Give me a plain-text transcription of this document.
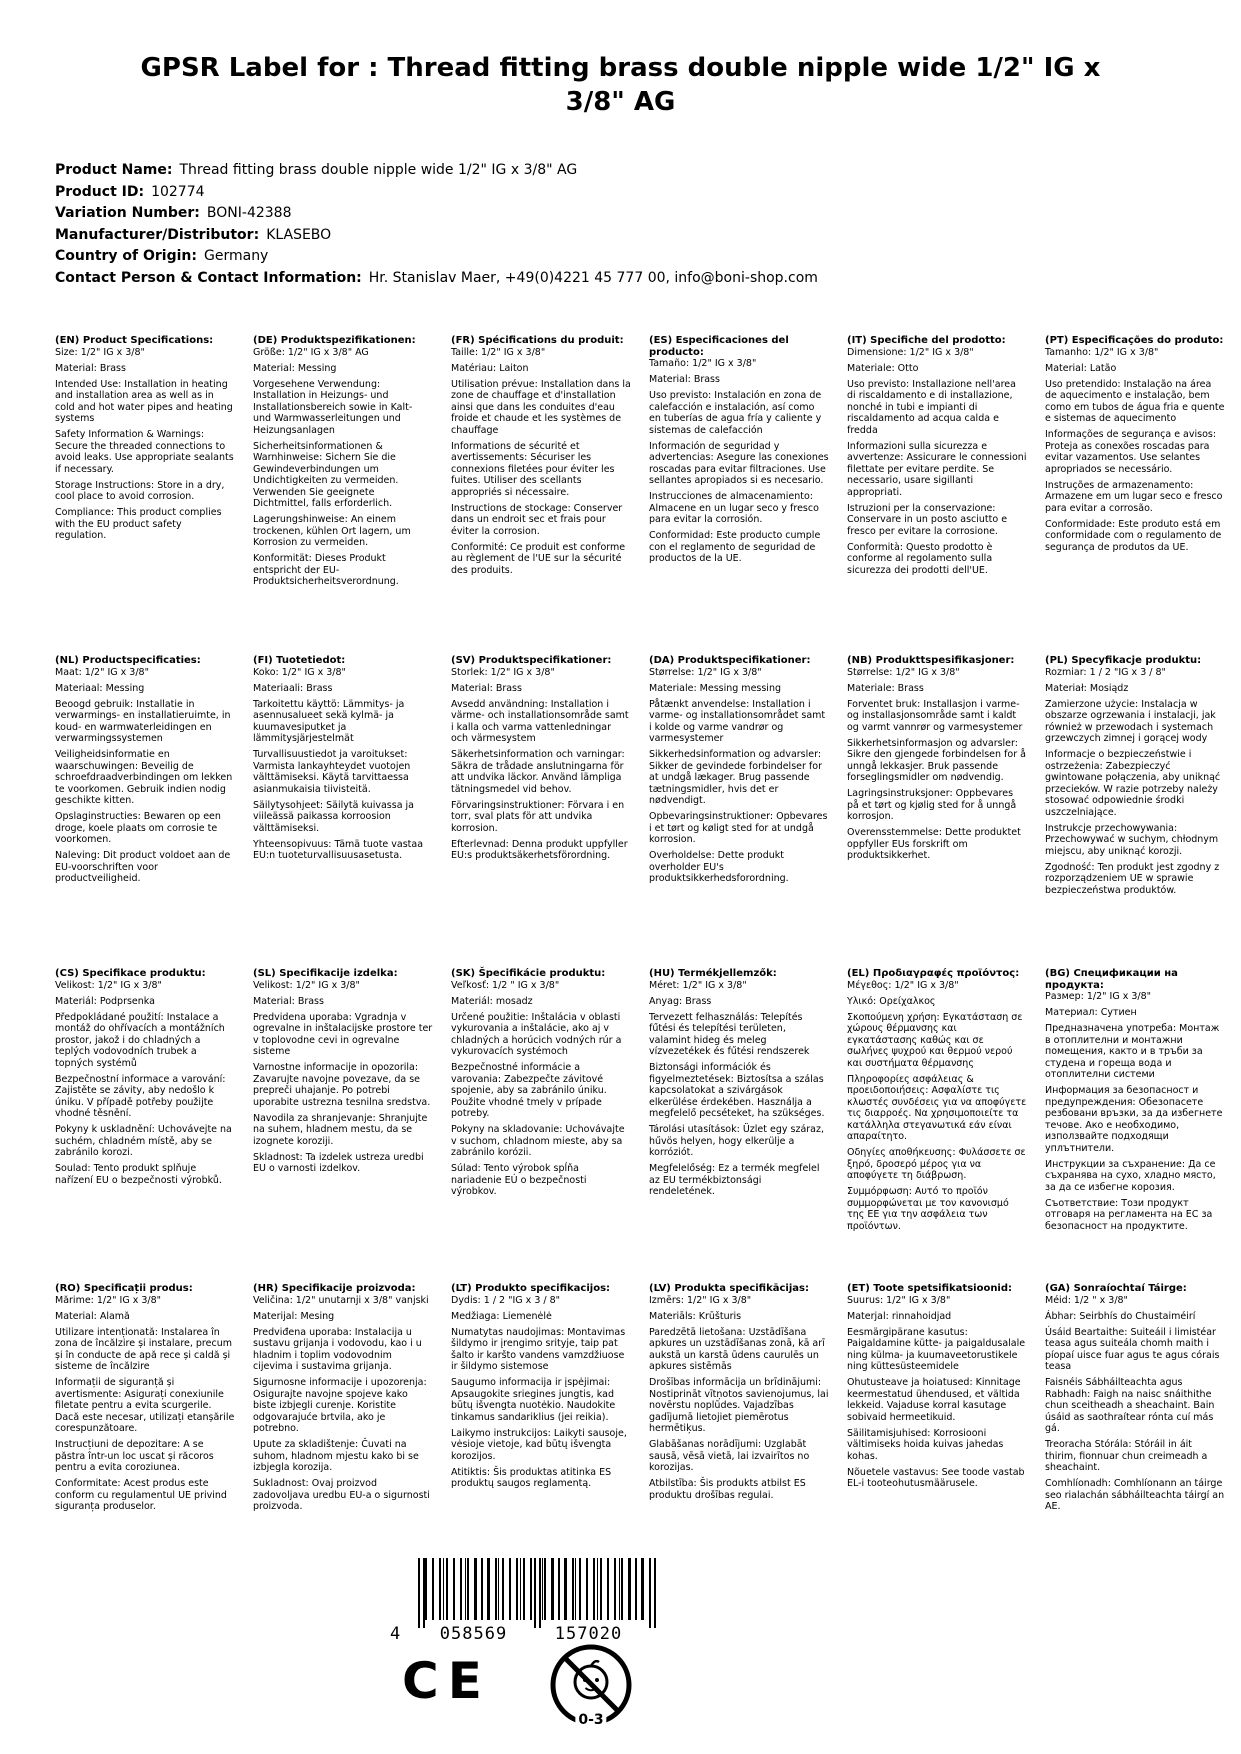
GPSR Label for : Thread fitting brass double nipple wide 1/2" IG x 3/8" AG
Product Name: Thread fitting brass double nipple wide 1/2" IG x 3/8" AG
Product ID: 102774
Variation Number: BONI-42388
Manufacturer/Distributor: KLASEBO
Country of Origin: Germany
Contact Person & Contact Information: Hr. Stanislav Maer, +49(0)4221 45 777 00, info@boni-shop.com
(EN) Product Specifications:

Size: 1/2" IG x 3/8"

Material: Brass

Intended Use: Installation in heating and installation area as well as in cold and hot water pipes and heating systems

Safety Information & Warnings: Secure the threaded connections to avoid leaks. Use appropriate sealants if necessary.

Storage Instructions: Store in a dry, cool place to avoid corrosion.

Compliance: This product complies with the EU product safety regulation.

(DE) Produktspezifikationen:

Größe: 1/2" IG x 3/8" AG

Material: Messing

Vorgesehene Verwendung: Installation in Heizungs- und Installationsbereich sowie in Kalt- und Warmwasserleitungen und Heizungsanlagen

Sicherheitsinformationen & Warnhinweise: Sichern Sie die Gewindeverbindungen um Undichtigkeiten zu vermeiden. Verwenden Sie geeignete Dichtmittel, falls erforderlich.

Lagerungshinweise: An einem trockenen, kühlen Ort lagern, um Korrosion zu vermeiden.

Konformität: Dieses Produkt entspricht der EU-Produktsicherheitsverordnung.

(FR) Spécifications du produit:

Taille: 1/2" IG x 3/8"

Matériau: Laiton

Utilisation prévue: Installation dans la zone de chauffage et d'installation ainsi que dans les conduites d'eau froide et chaude et les systèmes de chauffage

Informations de sécurité et avertissements: Sécuriser les connexions filetées pour éviter les fuites. Utiliser des scellants appropriés si nécessaire.

Instructions de stockage: Conserver dans un endroit sec et frais pour éviter la corrosion.

Conformité: Ce produit est conforme au règlement de l'UE sur la sécurité des produits.

(ES) Especificaciones del producto:

Tamaño: 1/2" IG x 3/8"

Material: Brass

Uso previsto: Instalación en zona de calefacción e instalación, así como en tuberías de agua fría y caliente y sistemas de calefacción

Información de seguridad y advertencias: Asegure las conexiones roscadas para evitar filtraciones. Use sellantes apropiados si es necesario.

Instrucciones de almacenamiento: Almacene en un lugar seco y fresco para evitar la corrosión.

Conformidad: Este producto cumple con el reglamento de seguridad de productos de la UE.

(IT) Specifiche del prodotto:

Dimensione: 1/2" IG x 3/8"

Materiale: Otto

Uso previsto: Installazione nell'area di riscaldamento e di installazione, nonché in tubi e impianti di riscaldamento ad acqua calda e fredda

Informazioni sulla sicurezza e avvertenze: Assicurare le connessioni filettate per evitare perdite. Se necessario, usare sigillanti appropriati.

Istruzioni per la conservazione: Conservare in un posto asciutto e fresco per evitare la corrosione.

Conformità: Questo prodotto è conforme al regolamento sulla sicurezza dei prodotti dell'UE.

(PT) Especificações do produto:

Tamanho: 1/2" IG x 3/8"

Material: Latão

Uso pretendido: Instalação na área de aquecimento e instalação, bem como em tubos de água fria e quente e sistemas de aquecimento

Informações de segurança e avisos: Proteja as conexões roscadas para evitar vazamentos. Use selantes apropriados se necessário.

Instruções de armazenamento: Armazene em um lugar seco e fresco para evitar a corrosão.

Conformidade: Este produto está em conformidade com o regulamento de segurança de produtos da UE.

(NL) Productspecificaties:

Maat: 1/2" IG x 3/8"

Materiaal: Messing

Beoogd gebruik: Installatie in verwarmings- en installatieruimte, in koud- en warmwaterleidingen en verwarmingssystemen

Veiligheidsinformatie en waarschuwingen: Beveilig de schroefdraadverbindingen om lekken te voorkomen. Gebruik indien nodig geschikte kitten.

Opslaginstructies: Bewaren op een droge, koele plaats om corrosie te voorkomen.

Naleving: Dit product voldoet aan de EU-voorschriften voor productveiligheid.

(FI) Tuotetiedot:

Koko: 1/2" IG x 3/8"

Materiaali: Brass

Tarkoitettu käyttö: Lämmitys- ja asennusalueet sekä kylmä- ja kuumavesiputket ja lämmitysjärjestelmät

Turvallisuustiedot ja varoitukset: Varmista lankayhteydet vuotojen välttämiseksi. Käytä tarvittaessa asianmukaisia tiivisteitä.

Säilytysohjeet: Säilytä kuivassa ja viileässä paikassa korroosion välttämiseksi.

Yhteensopivuus: Tämä tuote vastaa EU:n tuoteturvallisuusasetusta.

(SV) Produktspecifikationer:

Storlek: 1/2" IG x 3/8"

Material: Brass

Avsedd användning: Installation i värme- och installationsområde samt i kalla och varma vattenledningar och värmesystem

Säkerhetsinformation och varningar: Säkra de trådade anslutningarna för att undvika läckor. Använd lämpliga tätningsmedel vid behov.

Förvaringsinstruktioner: Förvara i en torr, sval plats för att undvika korrosion.

Efterlevnad: Denna produkt uppfyller EU:s produktsäkerhetsförordning.

(DA) Produktspecifikationer:

Størrelse: 1/2" IG x 3/8"

Materiale: Messing messing

Påtænkt anvendelse: Installation i varme- og installationsområdet samt i kolde og varme vandrør og varmesystemer

Sikkerhedsinformation og advarsler: Sikker de gevindede forbindelser for at undgå lækager. Brug passende tætningsmidler, hvis det er nødvendigt.

Opbevaringsinstruktioner: Opbevares i et tørt og køligt sted for at undgå korrosion.

Overholdelse: Dette produkt overholder EU's produktsikkerhedsforordning.

(NB) Produkttspesifikasjoner:

Størrelse: 1/2" IG x 3/8"

Materiale: Brass

Forventet bruk: Installasjon i varme- og installasjonsområde samt i kaldt og varmt vannrør og varmesystemer

Sikkerhetsinformasjon og advarsler: Sikre den gjengede forbindelsen for å unngå lekkasjer. Bruk passende forseglingsmidler om nødvendig.

Lagringsinstruksjoner: Oppbevares på et tørt og kjølig sted for å unngå korrosjon.

Overensstemmelse: Dette produktet oppfyller EUs forskrift om produktsikkerhet.

(PL) Specyfikacje produktu:

Rozmiar: 1 / 2 "IG x 3 / 8"

Materiał: Mosiądz

Zamierzone użycie: Instalacja w obszarze ogrzewania i instalacji, jak również w przewodach i systemach grzewczych zimnej i gorącej wody

Informacje o bezpieczeństwie i ostrzeżenia: Zabezpieczyć gwintowane połączenia, aby uniknąć przecieków. W razie potrzeby należy stosować odpowiednie środki uszczelniające.

Instrukcje przechowywania: Przechowywać w suchym, chłodnym miejscu, aby uniknąć korozji.

Zgodność: Ten produkt jest zgodny z rozporządzeniem UE w sprawie bezpieczeństwa produktów.

(CS) Specifikace produktu:

Velikost: 1/2" IG x 3/8"

Materiál: Podprsenka

Předpokládané použití: Instalace a montáž do ohřívacích a montážních prostor, jakož i do chladných a teplých vodovodních trubek a topných systémů

Bezpečnostní informace a varování: Zajistěte se závity, aby nedošlo k úniku. V případě potřeby použijte vhodné těsnění.

Pokyny k uskladnění: Uchovávejte na suchém, chladném místě, aby se zabránilo korozi.

Soulad: Tento produkt splňuje nařízení EU o bezpečnosti výrobků.

(SL) Specifikacije izdelka:

Velikost: 1/2" IG x 3/8"

Material: Brass

Predvidena uporaba: Vgradnja v ogrevalne in inštalacijske prostore ter v toplovodne cevi in ogrevalne sisteme

Varnostne informacije in opozorila: Zavarujte navojne povezave, da se prepreči uhajanje. Po potrebi uporabite ustrezna tesnilna sredstva.

Navodila za shranjevanje: Shranjujte na suhem, hladnem mestu, da se izognete koroziji.

Skladnost: Ta izdelek ustreza uredbi EU o varnosti izdelkov.

(SK) Špecifikácie produktu:

Veľkosť: 1/2 " IG x 3/8"

Materiál: mosadz

Určené použitie: Inštalácia v oblasti vykurovania a inštalácie, ako aj v chladných a horúcich vodných rúr a vykurovacích systémoch

Bezpečnostné informácie a varovania: Zabezpečte závitové spojenie, aby sa zabránilo úniku. Použite vhodné tmely v prípade potreby.

Pokyny na skladovanie: Uchovávajte v suchom, chladnom mieste, aby sa zabránilo korózii.

Súlad: Tento výrobok spĺňa nariadenie EÚ o bezpečnosti výrobkov.

(HU) Termékjellemzők:

Méret: 1/2" IG x 3/8"

Anyag: Brass

Tervezett felhasználás: Telepítés fűtési és telepítési területen, valamint hideg és meleg vízvezetékek és fűtési rendszerek

Biztonsági információk és figyelmeztetések: Biztosítsa a szálas kapcsolatokat a szivárgások elkerülése érdekében. Használja a megfelelő pecséteket, ha szükséges.

Tárolási utasítások: Üzlet egy száraz, hűvös helyen, hogy elkerülje a korróziót.

Megfelelőség: Ez a termék megfelel az EU termékbiztonsági rendeletének.

(EL) Προδιαγραφές προϊόντος:

Μέγεθος: 1/2" IG x 3/8"

Υλικό: Ορείχαλκος

Σκοπούμενη χρήση: Εγκατάσταση σε χώρους θέρμανσης και εγκατάστασης καθώς και σε σωλήνες ψυχρού και θερμού νερού και συστήματα θέρμανσης

Πληροφορίες ασφάλειας & προειδοποιήσεις: Ασφαλίστε τις κλωστές συνδέσεις για να αποφύγετε τις διαρροές. Να χρησιμοποιείτε τα κατάλληλα στεγανωτικά εάν είναι απαραίτητο.

Οδηγίες αποθήκευσης: Φυλάσσετε σε ξηρό, δροσερό μέρος για να αποφύγετε τη διάβρωση.

Συμμόρφωση: Αυτό το προϊόν συμμορφώνεται με τον κανονισμό της ΕΕ για την ασφάλεια των προϊόντων.

(BG) Спецификации на продукта:

Размер: 1/2" IG x 3/8"

Материал: Сутиен

Предназначена употреба: Монтаж в отоплителни и монтажни помещения, както и в тръби за студена и гореща вода и отоплителни системи

Информация за безопасност и предупреждения: Обезопасете резбовани връзки, за да избегнете течове. Ако е необходимо, използвайте подходящи уплътнители.

Инструкции за съхранение: Да се съхранява на сухо, хладно място, за да се избегне корозия.

Съответствие: Този продукт отговаря на регламента на ЕС за безопасност на продуктите.

(RO) Specificații produs:

Mărime: 1/2" IG x 3/8"

Material: Alamă

Utilizare intenționată: Instalarea în zona de încălzire și instalare, precum și în conducte de apă rece și caldă și sisteme de încălzire

Informații de siguranță și avertismente: Asigurați conexiunile filetate pentru a evita scurgerile. Dacă este necesar, utilizați etanșările corespunzătoare.

Instrucțiuni de depozitare: A se păstra într-un loc uscat și răcoros pentru a evita coroziunea.

Conformitate: Acest produs este conform cu regulamentul UE privind siguranța produselor.

(HR) Specifikacije proizvoda:

Veličina: 1/2" unutarnji x 3/8" vanjski

Materijal: Mesing

Predviđena uporaba: Instalacija u sustavu grijanja i vodovodu, kao i u hladnim i toplim vodovodnim cijevima i sustavima grijanja.

Sigurnosne informacije i upozorenja: Osigurajte navojne spojeve kako biste izbjegli curenje. Koristite odgovarajuće brtvila, ako je potrebno.

Upute za skladištenje: Čuvati na suhom, hladnom mjestu kako bi se izbjegla korozija.

Sukladnost: Ovaj proizvod zadovoljava uredbu EU-a o sigurnosti proizvoda.

(LT) Produkto specifikacijos:

Dydis: 1 / 2 "IG x 3 / 8"

Medžiaga: Liemenėlė

Numatytas naudojimas: Montavimas šildymo ir įrengimo srityje, taip pat šalto ir karšto vandens vamzdžiuose ir šildymo sistemose

Saugumo informacija ir įspėjimai: Apsaugokite sriegines jungtis, kad būtų išvengta nuotėkio. Naudokite tinkamus sandariklius (jei reikia).

Laikymo instrukcijos: Laikyti sausoje, vėsioje vietoje, kad būtų išvengta korozijos.

Atitiktis: Šis produktas atitinka ES produktų saugos reglamentą.

(LV) Produkta specifikācijas:

Izmērs: 1/2" IG x 3/8"

Materiāls: Krūšturis

Paredzētā lietošana: Uzstādīšana apkures un uzstādīšanas zonā, kā arī aukstā un karstā ūdens caurulēs un apkures sistēmās

Drošības informācija un brīdinājumi: Nostiprināt vītņotos savienojumus, lai novērstu noplūdes. Vajadzības gadījumā lietojiet piemērotus hermētiķus.

Glabāšanas norādījumi: Uzglabāt sausā, vēsā vietā, lai izvairītos no korozijas.

Atbilstība: Šis produkts atbilst ES produktu drošības regulai.

(ET) Toote spetsifikatsioonid:

Suurus: 1/2" IG x 3/8"

Materjal: rinnahoidjad

Eesmärgipärane kasutus: Paigaldamine kütte- ja paigaldusalale ning külma- ja kuumaveetorustikele ning küttesüsteemidele

Ohutusteave ja hoiatused: Kinnitage keermestatud ühendused, et vältida lekkeid. Vajaduse korral kasutage sobivaid hermeetikuid.

Säilitamisjuhised: Korrosiooni vältimiseks hoida kuivas jahedas kohas.

Nõuetele vastavus: See toode vastab EL-i tooteohutusmäärusele.

(GA) Sonraíochtaí Táirge:

Méid: 1/2 " x 3/8"

Ábhar: Seirbhís do Chustaiméirí

Úsáid Beartaithe: Suiteáil i limistéar teasa agus suiteála chomh maith i píopaí uisce fuar agus te agus córais teasa

Faisnéis Sábháilteachta agus Rabhadh: Faigh na naisc snáithithe chun sceitheadh a sheachaint. Bain úsáid as saothraítear rónta cuí más gá.

Treoracha Stórála: Stóráil in áit thirim, fionnuar chun creimeadh a sheachaint.

Comhlíonadh: Comhlíonann an táirge seo rialachán sábháilteachta táirgí an AE.

4	058569	157020
CE
0-3
